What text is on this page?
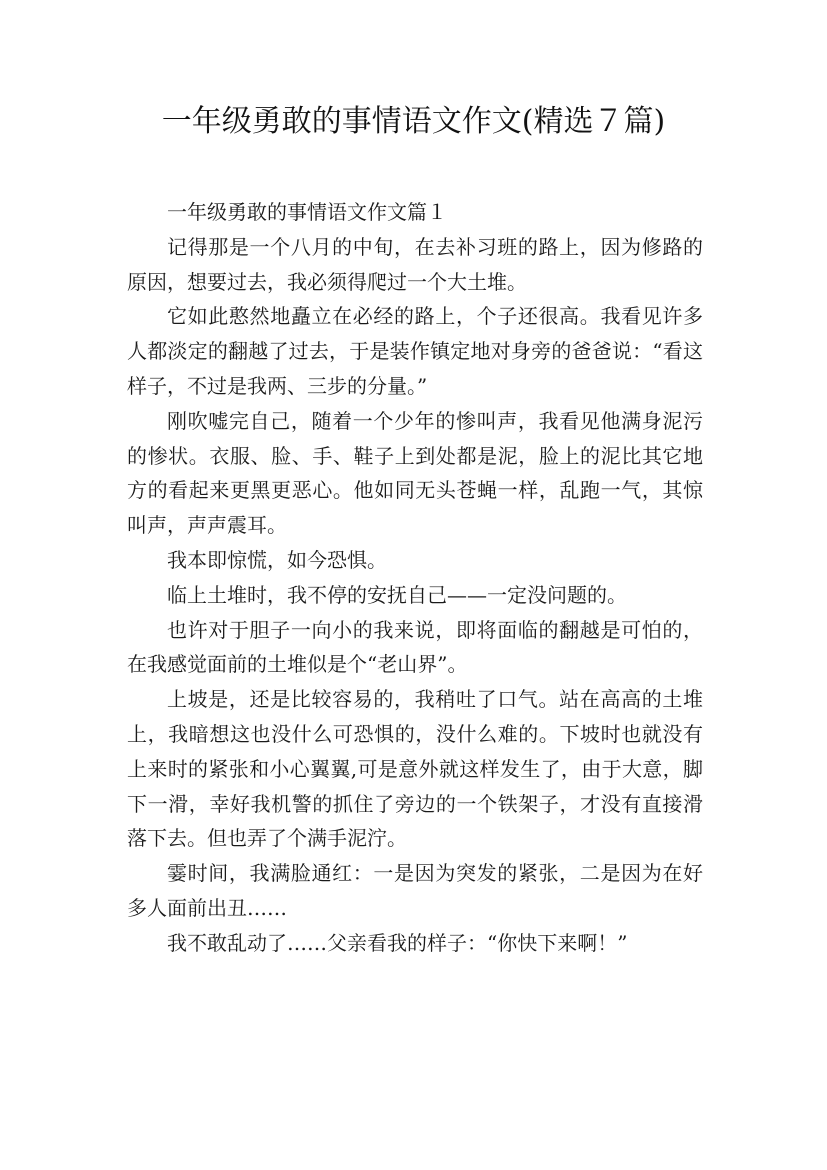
一年级勇敢的事情语文作文(精选７篇)

一年级勇敢的事情语文作文篇１

记得那是一个八月的中旬，在去补习班的路上，因为修路的原因，想要过去，我必须得爬过一个大土堆。

它如此憨然地矗立在必经的路上，个子还很高。我看见许多人都淡定的翻越了过去，于是装作镇定地对身旁的爸爸说：“看这样子，不过是我两、三步的分量。”

刚吹嘘完自己，随着一个少年的惨叫声，我看见他满身泥污的惨状。衣服、脸、手、鞋子上到处都是泥，脸上的泥比其它地方的看起来更黑更恶心。他如同无头苍蝇一样，乱跑一气，其惊叫声，声声震耳。

我本即惊慌，如今恐惧。

临上土堆时，我不停的安抚自己——一定没问题的。

也许对于胆子一向小的我来说，即将面临的翻越是可怕的，在我感觉面前的土堆似是个“老山界”。

上坡是，还是比较容易的，我稍吐了口气。站在高高的土堆上，我暗想这也没什么可恐惧的，没什么难的。下坡时也就没有上来时的紧张和小心翼翼,可是意外就这样发生了，由于大意，脚下一滑，幸好我机警的抓住了旁边的一个铁架子，才没有直接滑落下去。但也弄了个满手泥泞。

霎时间，我满脸通红：一是因为突发的紧张，二是因为在好多人面前出丑……

我不敢乱动了……父亲看我的样子：“你快下来啊！”
